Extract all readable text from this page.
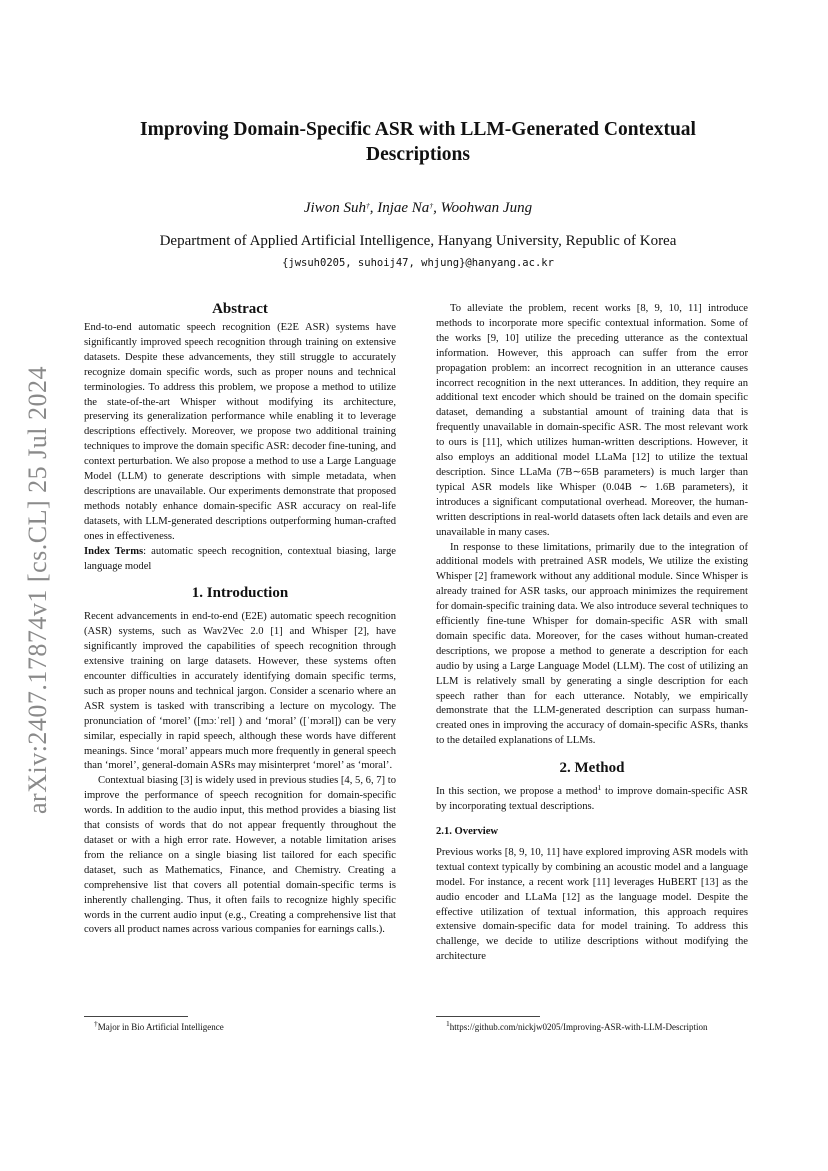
arXiv:2407.17874v1 [cs.CL] 25 Jul 2024
Improving Domain-Specific ASR with LLM-Generated Contextual Descriptions
Jiwon Suh†, Injae Na†, Woohwan Jung
Department of Applied Artificial Intelligence, Hanyang University, Republic of Korea
{jwsuh0205, suhoij47, whjung}@hanyang.ac.kr
Abstract

End-to-end automatic speech recognition (E2E ASR) systems have significantly improved speech recognition through training on extensive datasets. Despite these advancements, they still struggle to accurately recognize domain specific words, such as proper nouns and technical terminologies. To address this problem, we propose a method to utilize the state-of-the-art Whisper without modifying its architecture, preserving its generalization performance while enabling it to leverage descriptions effectively. Moreover, we propose two additional training techniques to improve the domain specific ASR: decoder fine-tuning, and context perturbation. We also propose a method to use a Large Language Model (LLM) to generate descriptions with simple metadata, when descriptions are unavailable. Our experiments demonstrate that proposed methods notably enhance domain-specific ASR accuracy on real-life datasets, with LLM-generated descriptions outperforming human-crafted ones in effectiveness.

Index Terms: automatic speech recognition, contextual biasing, large language model

1. Introduction

Recent advancements in end-to-end (E2E) automatic speech recognition (ASR) systems, such as Wav2Vec 2.0 [1] and Whisper [2], have significantly improved the capabilities of speech recognition through extensive training on large datasets. However, these systems often encounter difficulties in accurately identifying domain specific terms, such as proper nouns and technical jargon. Consider a scenario where an ASR system is tasked with transcribing a lecture on mycology. The pronunciation of ‘morel’ ([mɔːˈrel] ) and ‘moral’ ([ˈmɔrəl]) can be very similar, especially in rapid speech, although these words have different meanings. Since ‘moral’ appears much more frequently in general speech than ‘morel’, general-domain ASRs may misinterpret ‘morel’ as ‘moral’.

Contextual biasing [3] is widely used in previous studies [4, 5, 6, 7] to improve the performance of speech recognition for domain-specific words. In addition to the audio input, this method provides a biasing list that consists of words that do not appear frequently throughout the dataset or with a high error rate. However, a notable limitation arises from the reliance on a single biasing list tailored for each specific dataset, such as Mathematics, Finance, and Chemistry. Creating a comprehensive list that covers all potential domain-specific terms is inherently challenging. Thus, it often fails to recognize highly specific words in the current audio input (e.g., Creating a comprehensive list that covers all product names across various companies for earnings calls.).

To alleviate the problem, recent works [8, 9, 10, 11] introduce methods to incorporate more specific contextual information. Some of the works [9, 10] utilize the preceding utterance as the contextual information. However, this approach can suffer from the error propagation problem: an incorrect recognition in an utterance causes incorrect recognition in the next utterances. In addition, they require an additional text encoder which should be trained on the domain specific dataset, demanding a substantial amount of training data that is frequently unavailable in domain-specific ASR. The most relevant work to ours is [11], which utilizes human-written descriptions. However, it also employs an additional model LLaMa [12] to utilize the textual description. Since LLaMa (7B∼65B parameters) is much larger than typical ASR models like Whisper (0.04B ∼ 1.6B parameters), it introduces a significant computational overhead. Moreover, the human-written descriptions in real-world datasets often lack details and even are unavailable in many cases.

In response to these limitations, primarily due to the integration of additional models with pretrained ASR models, We utilize the existing Whisper [2] framework without any additional module. Since Whisper is already trained for ASR tasks, our approach minimizes the requirement for domain-specific training data. We also introduce several techniques to efficiently fine-tune Whisper for domain-specific ASR with small domain specific data. Moreover, for the cases without human-created descriptions, we propose a method to generate a description for each audio by using a Large Language Model (LLM). The cost of utilizing an LLM is relatively small by generating a single description for each speech rather than for each utterance. Notably, we empirically demonstrate that the LLM-generated description can surpass human-created ones in improving the accuracy of domain-specific ASRs, thanks to the detailed explanations of LLMs.

2. Method

In this section, we propose a method$^1$ to improve domain-specific ASR by incorporating textual descriptions.

2.1. Overview

Previous works [8, 9, 10, 11] have explored improving ASR models with textual context typically by combining an acoustic model and a language model. For instance, a recent work [11] leverages HuBERT [13] as the audio encoder and LLaMa [12] as the language model. Despite the effective utilization of textual information, this approach requires extensive domain-specific data for model training. To address this challenge, we decide to utilize descriptions without modifying the architecture

†Major in Bio Artificial Intelligence	$^1$https://github.com/nickjw0205/Improving-ASR-with-LLM-Description
